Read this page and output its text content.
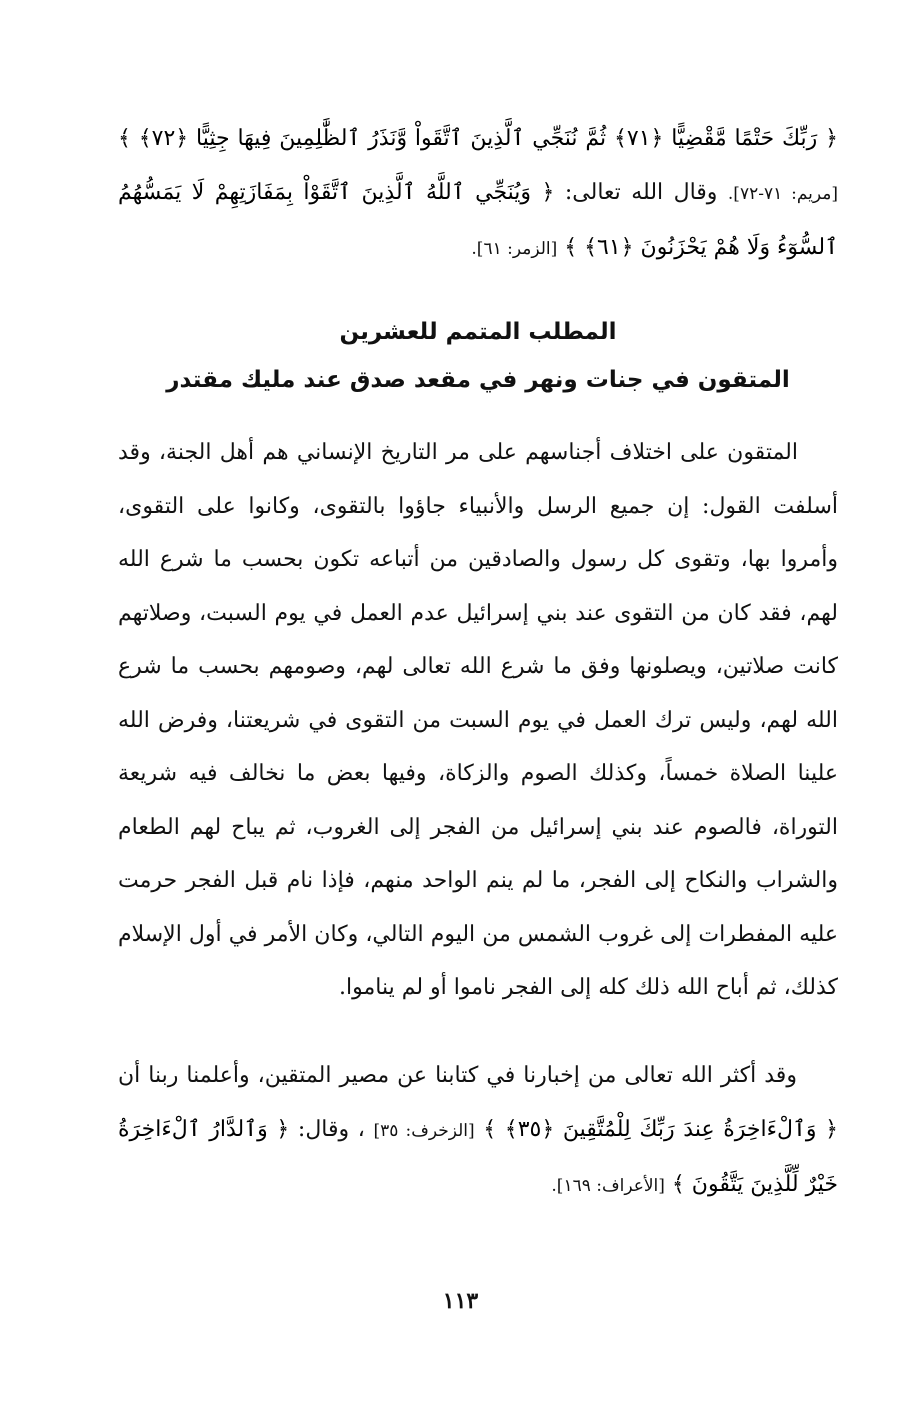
﴿ رَبِّكَ حَتْمًا مَّقْضِيًّا ﴿٧١﴾ ثُمَّ نُنَجِّي ٱلَّذِينَ ٱتَّقَواْ وَّنَذَرُ ٱلظَّٰلِمِينَ فِيهَا جِثِيًّا ﴿٧٢﴾ ﴾ [مريم: ٧١-٧٢]. وقال الله تعالى: ﴿ وَيُنَجِّي ٱللَّهُ ٱلَّذِينَ ٱتَّقَوْاْ بِمَفَازَتِهِمْ لَا يَمَسُّهُمُ ٱلسُّوٓءُ وَلَا هُمْ يَحْزَنُونَ ﴿٦١﴾ ﴾ [الزمر: ٦١].

المطلب المتمم للعشرين
المتقون في جنات ونهر في مقعد صدق عند مليك مقتدر

المتقون على اختلاف أجناسهم على مر التاريخ الإنساني هم أهل الجنة، وقد أسلفت القول: إن جميع الرسل والأنبياء جاؤوا بالتقوى، وكانوا على التقوى، وأمروا بها، وتقوى كل رسول والصادقين من أتباعه تكون بحسب ما شرع الله لهم، فقد كان من التقوى عند بني إسرائيل عدم العمل في يوم السبت، وصلاتهم كانت صلاتين، ويصلونها وفق ما شرع الله تعالى لهم، وصومهم بحسب ما شرع الله لهم، وليس ترك العمل في يوم السبت من التقوى في شريعتنا، وفرض الله علينا الصلاة خمساً، وكذلك الصوم والزكاة، وفيها بعض ما نخالف فيه شريعة التوراة، فالصوم عند بني إسرائيل من الفجر إلى الغروب، ثم يباح لهم الطعام والشراب والنكاح إلى الفجر، ما لم ينم الواحد منهم، فإذا نام قبل الفجر حرمت عليه المفطرات إلى غروب الشمس من اليوم التالي، وكان الأمر في أول الإسلام كذلك، ثم أباح الله ذلك كله إلى الفجر ناموا أو لم يناموا.

وقد أكثر الله تعالى من إخبارنا في كتابنا عن مصير المتقين، وأعلمنا ربنا أن ﴿ وَٱلْءَاخِرَةُ عِندَ رَبِّكَ لِلْمُتَّقِينَ ﴿٣٥﴾ ﴾ [الزخرف: ٣٥] ، وقال: ﴿ وَٱلدَّارُ ٱلْءَاخِرَةُ خَيْرٌ لِّلَّذِينَ يَتَّقُونَ ﴾ [الأعراف: ١٦٩].

١١٣
